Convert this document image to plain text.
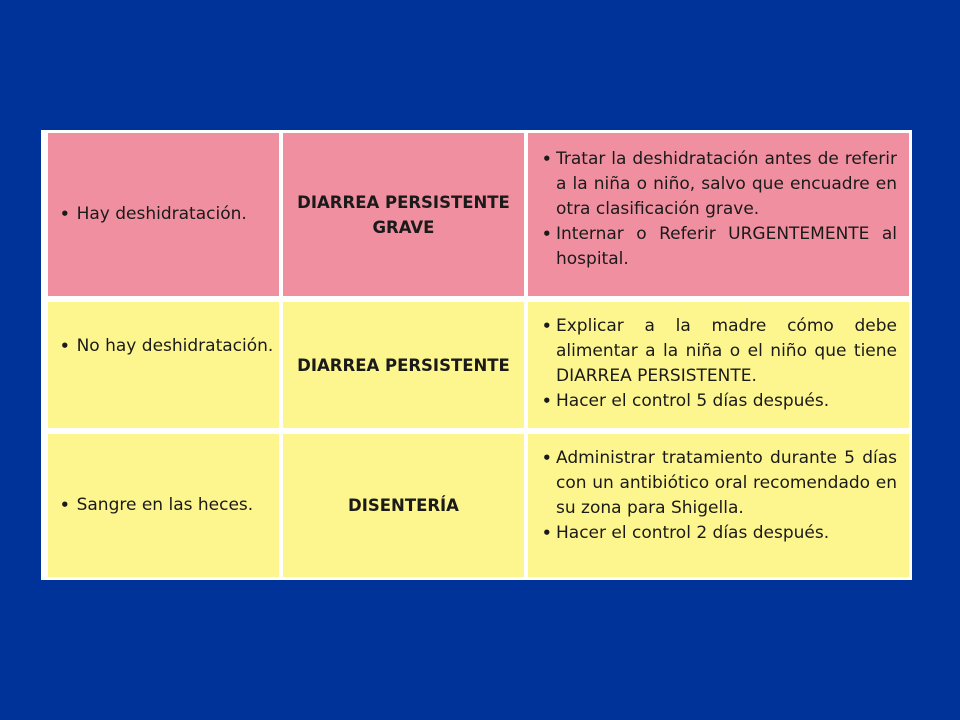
• Hay deshidratación.
DIARREA PERSISTENTE GRAVE
• Tratar la deshidratación antes de referir a la niña o niño, salvo que encuadre en otra clasificación grave.
• Internar o Referir URGENTEMENTE al hospital.
• No hay deshidratación.
DIARREA PERSISTENTE
• Explicar a la madre cómo debe alimentar a la niña o el niño que tiene DIARREA PERSISTENTE.
• Hacer el control 5 días después.
• Sangre en las heces.	DISENTERÍA
• Administrar tratamiento durante 5 días con un antibiótico oral recomendado en su zona para Shigella.
• Hacer el control 2 días después.
